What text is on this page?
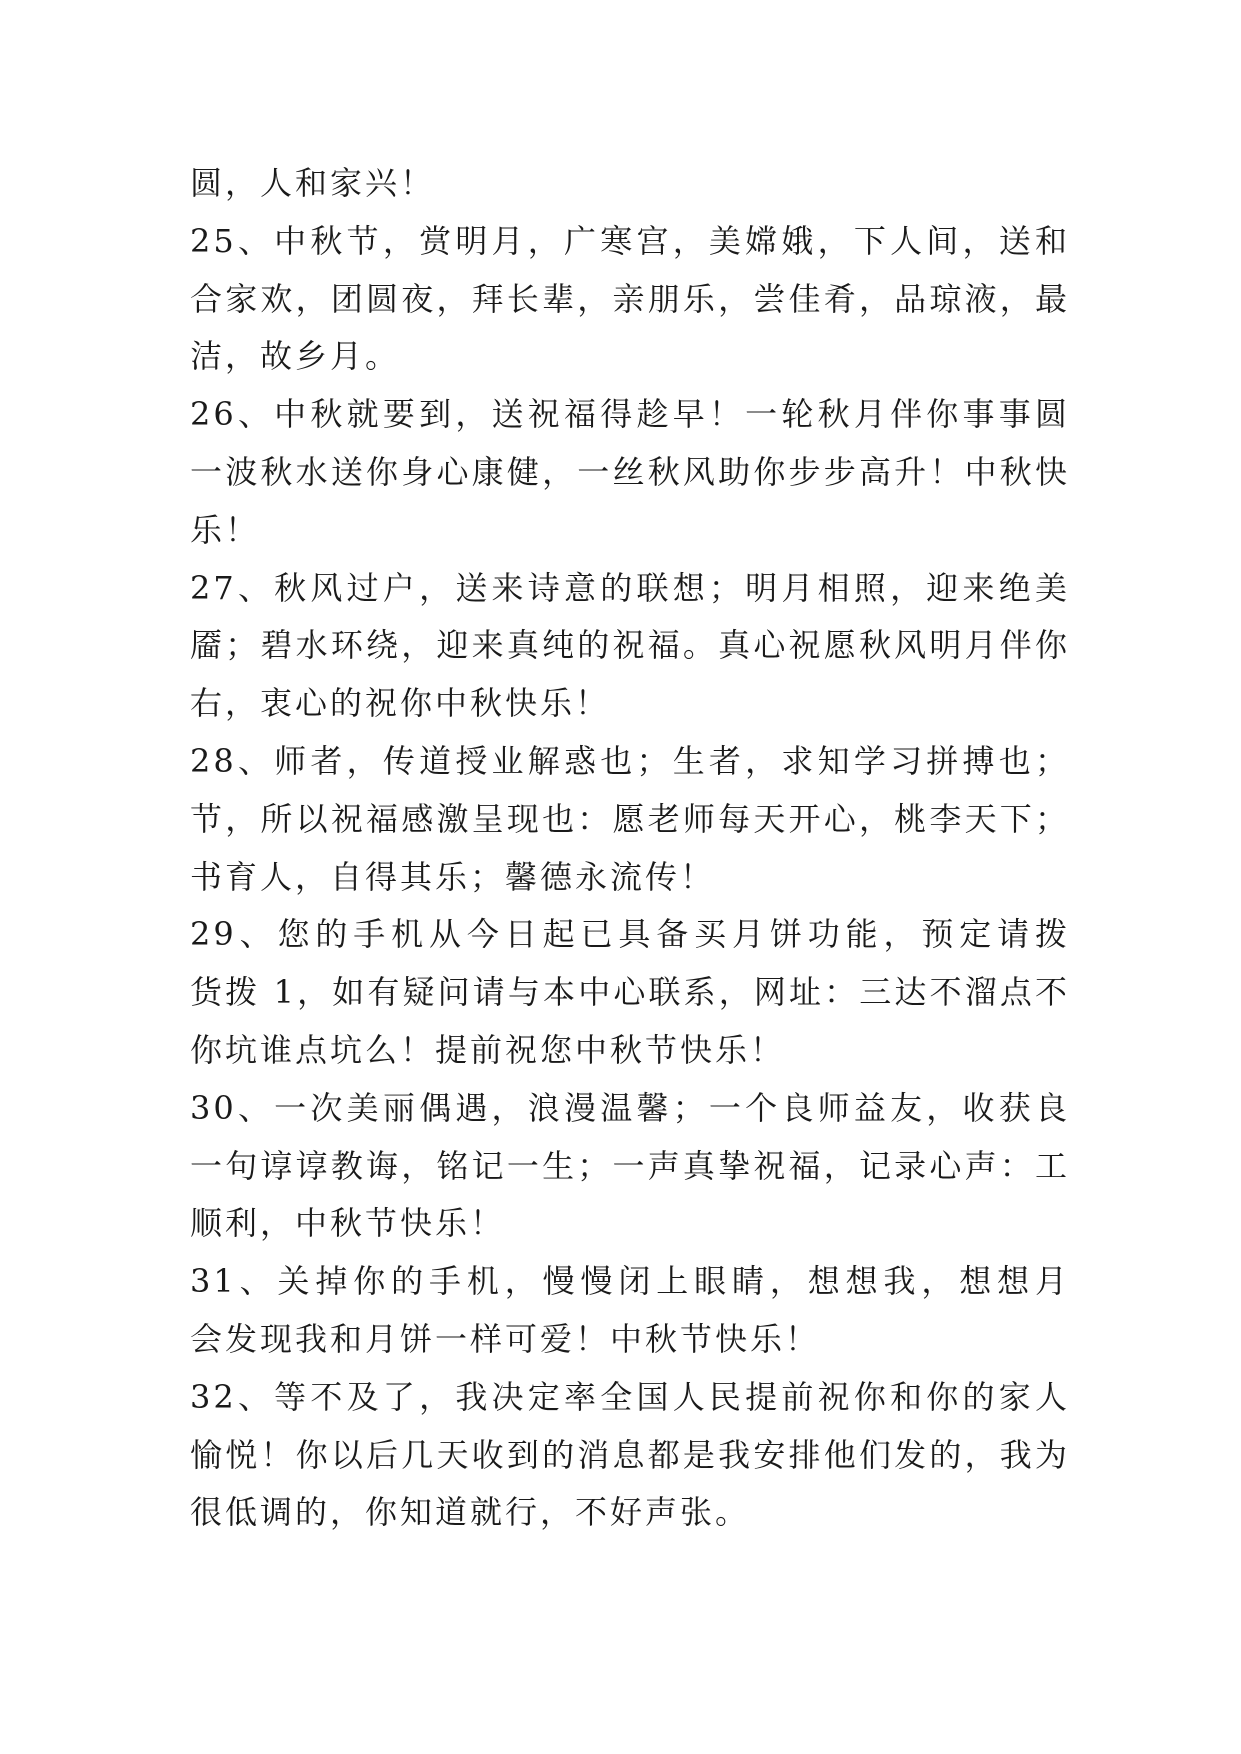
圆，人和家兴！
25、中秋节，赏明月，广寒宫，美嫦娥，下人间，送和
合家欢，团圆夜，拜长辈，亲朋乐，尝佳肴，品琼液，最
洁，故乡月。
26、中秋就要到，送祝福得趁早！一轮秋月伴你事事圆
一波秋水送你身心康健，一丝秋风助你步步高升！中秋快
乐！
27、秋风过户，送来诗意的联想；明月相照，迎来绝美
靥；碧水环绕，迎来真纯的祝福。真心祝愿秋风明月伴你
右，衷心的祝你中秋快乐！
28、师者，传道授业解惑也；生者，求知学习拼搏也；
节，所以祝福感激呈现也：愿老师每天开心，桃李天下；
书育人，自得其乐；馨德永流传！
29、您的手机从今日起已具备买月饼功能，预定请拨
货拨 1，如有疑问请与本中心联系，网址：三达不溜点不
你坑谁点坑么！提前祝您中秋节快乐！
30、一次美丽偶遇，浪漫温馨；一个良师益友，收获良
一句谆谆教诲，铭记一生；一声真挚祝福，记录心声：工
顺利，中秋节快乐！
31、关掉你的手机，慢慢闭上眼睛，想想我，想想月
会发现我和月饼一样可爱！中秋节快乐！
32、等不及了，我决定率全国人民提前祝你和你的家人
愉悦！你以后几天收到的消息都是我安排他们发的，我为
很低调的，你知道就行，不好声张。
